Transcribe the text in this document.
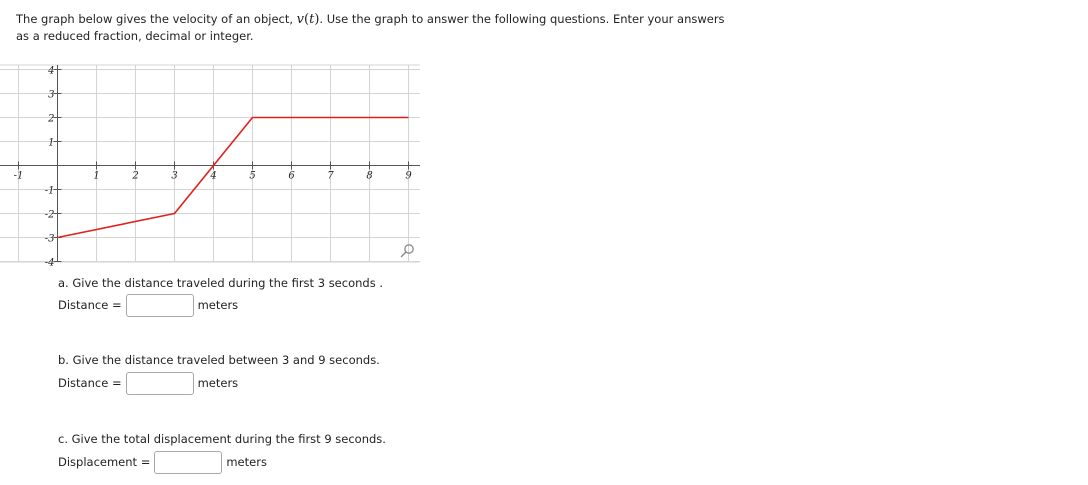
The graph below gives the velocity of an object, v(t). Use the graph to answer the following questions. Enter your answers as a reduced fraction, decimal or integer.

-1	1	2	3	4	5	6	7	8	9
4
3
2
1
-1
-2
-3
-4

a. Give the distance traveled during the first 3 seconds .

Distance =	meters

b. Give the distance traveled between 3 and 9 seconds.

Distance =	meters

c. Give the total displacement during the first 9 seconds.

Displacement =	meters
